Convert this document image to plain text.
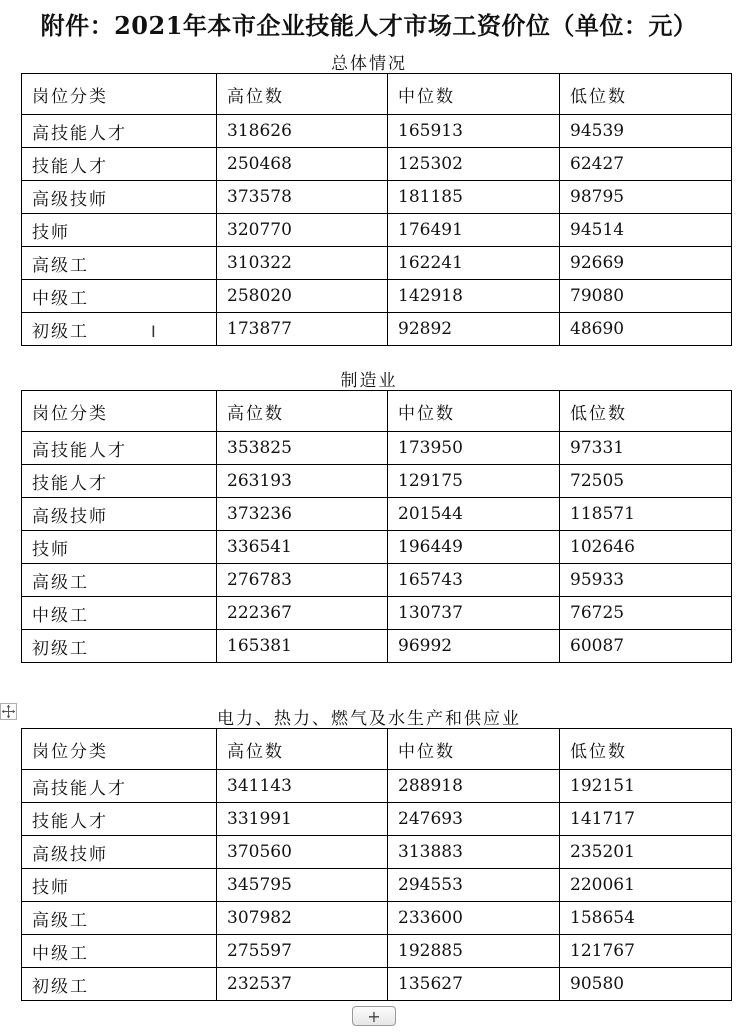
附件：2021年本市企业技能人才市场工资价位（单位：元）
总体情况
岗位分类	高位数	中位数	低位数
高技能人才	318626	165913	94539
技能人才	250468	125302	62427
高级技师	373578	181185	98795
技师	320770	176491	94514
高级工	310322	162241	92669
中级工	258020	142918	79080
初级工	173877	92892	48690
制造业
岗位分类	高位数	中位数	低位数
高技能人才	353825	173950	97331
技能人才	263193	129175	72505
高级技师	373236	201544	118571
技师	336541	196449	102646
高级工	276783	165743	95933
中级工	222367	130737	76725
初级工	165381	96992	60087
电力、热力、燃气及水生产和供应业
岗位分类	高位数	中位数	低位数
高技能人才	341143	288918	192151
技能人才	331991	247693	141717
高级技师	370560	313883	235201
技师	345795	294553	220061
高级工	307982	233600	158654
中级工	275597	192885	121767
初级工	232537	135627	90580
I
+
